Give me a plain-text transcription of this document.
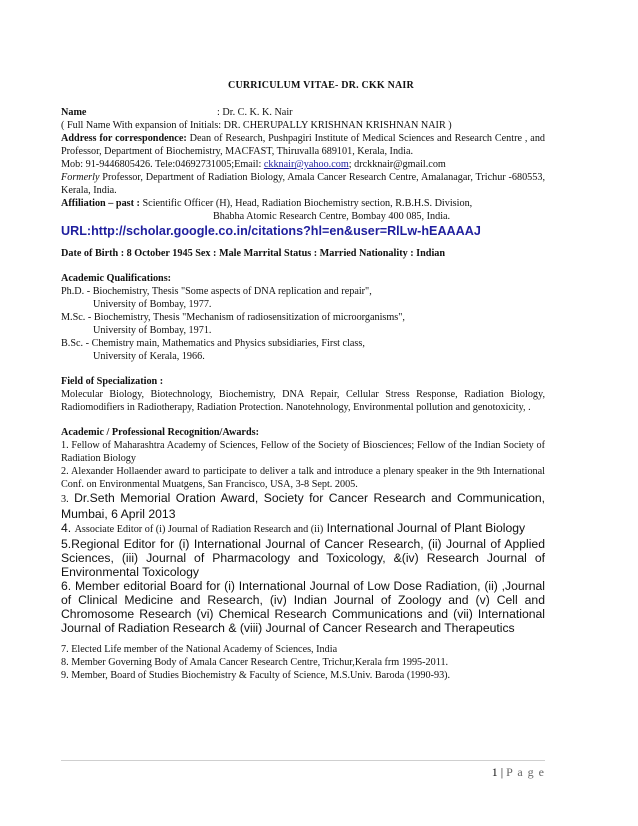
CURRICULUM VITAE- DR. CKK NAIR
Name	: Dr. C. K. K. Nair
( Full Name With expansion of Initials: DR. CHERUPALLY KRISHNAN KRISHNAN NAIR )
Address for correspondence: Dean of Research, Pushpagiri Institute of Medical Sciences and Research Centre , and Professor, Department of Biochemistry, MACFAST, Thiruvalla 689101, Kerala, India.
Mob: 91-9446805426. Tele:04692731005;Email: ckknair@yahoo.com; drckknair@gmail.com
Formerly Professor, Department of Radiation Biology, Amala Cancer Research Centre, Amalanagar, Trichur -680553, Kerala, India.
Affiliation – past : Scientific Officer (H), Head, Radiation Biochemistry section, R.B.H.S. Division,
Bhabha Atomic Research Centre, Bombay 400 085, India.
URL:http://scholar.google.co.in/citations?hl=en&user=RlLw-hEAAAAJ
Date of Birth : 8 October 1945 Sex : Male Marrital Status : Married Nationality : Indian
Academic Qualifications:
Ph.D. - Biochemistry, Thesis "Some aspects of DNA replication and repair",
University of Bombay, 1977.
M.Sc. - Biochemistry, Thesis "Mechanism of radiosensitization of microorganisms",
University of Bombay, 1971.
B.Sc. - Chemistry main, Mathematics and Physics subsidiaries, First class,
University of Kerala, 1966.
Field of Specialization :
Molecular Biology, Biotechnology, Biochemistry, DNA Repair, Cellular Stress Response, Radiation Biology, Radiomodifiers in Radiotherapy, Radiation Protection. Nanotehnology, Environmental pollution and genotoxicity, .
Academic / Professional Recognition/Awards:
1. Fellow of Maharashtra Academy of Sciences, Fellow of the Society of Biosciences; Fellow of the Indian Society of Radiation Biology
2. Alexander Hollaender award to participate to deliver a talk and introduce a plenary speaker in the 9th International Conf. on Environmental Muatgens, San Francisco, USA, 3-8 Sept. 2005.
3. Dr.Seth Memorial Oration Award, Society for Cancer Research and Communication, Mumbai, 6 April 2013
4. Associate Editor of (i) Journal of Radiation Research and (ii) International Journal of Plant Biology
5.Regional Editor for (i) International Journal of Cancer Research, (ii) Journal of Applied Sciences, (iii) Journal of Pharmacology and Toxicology, &(iv) Research Journal of Environmental Toxicology
6. Member editorial Board for (i) International Journal of Low Dose Radiation, (ii) ,Journal of Clinical Medicine and Research, (iv) Indian Journal of Zoology and (v) Cell and Chromosome Research (vi) Chemical Research Communications and (vii) International Journal of Radiation Research & (viii) Journal of Cancer Research and Therapeutics
7. Elected Life member of the National Academy of Sciences, India
8. Member Governing Body of Amala Cancer Research Centre, Trichur,Kerala frm 1995-2011.
9. Member, Board of Studies Biochemistry & Faculty of Science, M.S.Univ. Baroda (1990-93).
1 | P a g e
